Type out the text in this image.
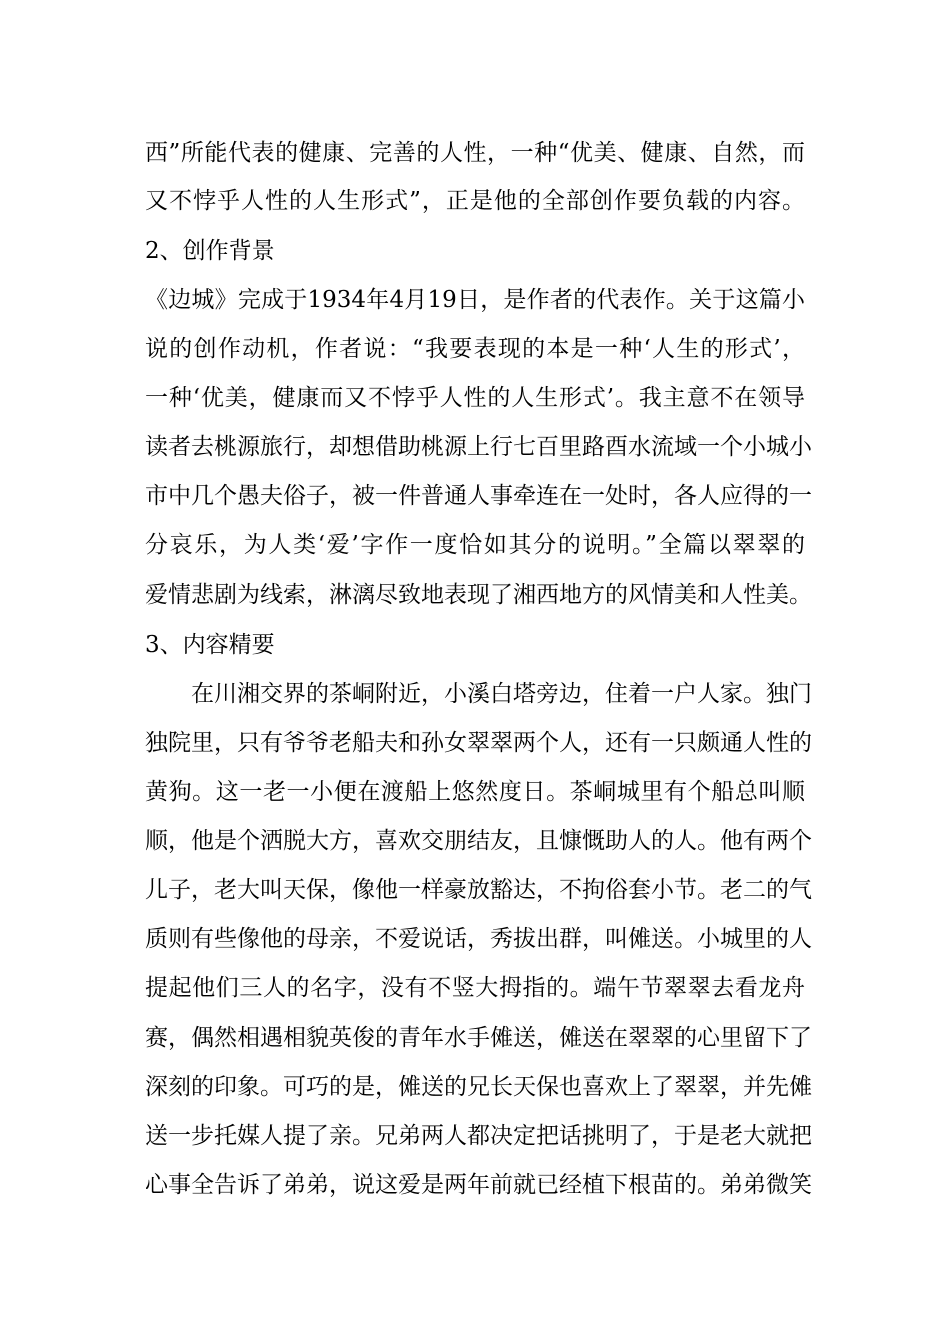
西”所能代表的健康、完善的人性，一种“优美、健康、自然，而
又不悖乎人性的人生形式”，正是他的全部创作要负载的内容。
2、创作背景
《边城》完成于1934年4月19日，是作者的代表作。关于这篇小
说的创作动机，作者说：“我要表现的本是一种‘人生的形式’，
一种‘优美，健康而又不悖乎人性的人生形式’。我主意不在领导
读者去桃源旅行，却想借助桃源上行七百里路酉水流域一个小城小
市中几个愚夫俗子，被一件普通人事牵连在一处时，各人应得的一
分哀乐，为人类‘爱’字作一度恰如其分的说明。”全篇以翠翠的
爱情悲剧为线索，淋漓尽致地表现了湘西地方的风情美和人性美。
3、内容精要
在川湘交界的茶峒附近，小溪白塔旁边，住着一户人家。独门
独院里，只有爷爷老船夫和孙女翠翠两个人，还有一只颇通人性的
黄狗。这一老一小便在渡船上悠然度日。茶峒城里有个船总叫顺
顺，他是个洒脱大方，喜欢交朋结友，且慷慨助人的人。他有两个
儿子，老大叫天保，像他一样豪放豁达，不拘俗套小节。老二的气
质则有些像他的母亲，不爱说话，秀拔出群，叫傩送。小城里的人
提起他们三人的名字，没有不竖大拇指的。端午节翠翠去看龙舟
赛，偶然相遇相貌英俊的青年水手傩送，傩送在翠翠的心里留下了
深刻的印象。可巧的是，傩送的兄长天保也喜欢上了翠翠，并先傩
送一步托媒人提了亲。兄弟两人都决定把话挑明了，于是老大就把
心事全告诉了弟弟，说这爱是两年前就已经植下根苗的。弟弟微笑
